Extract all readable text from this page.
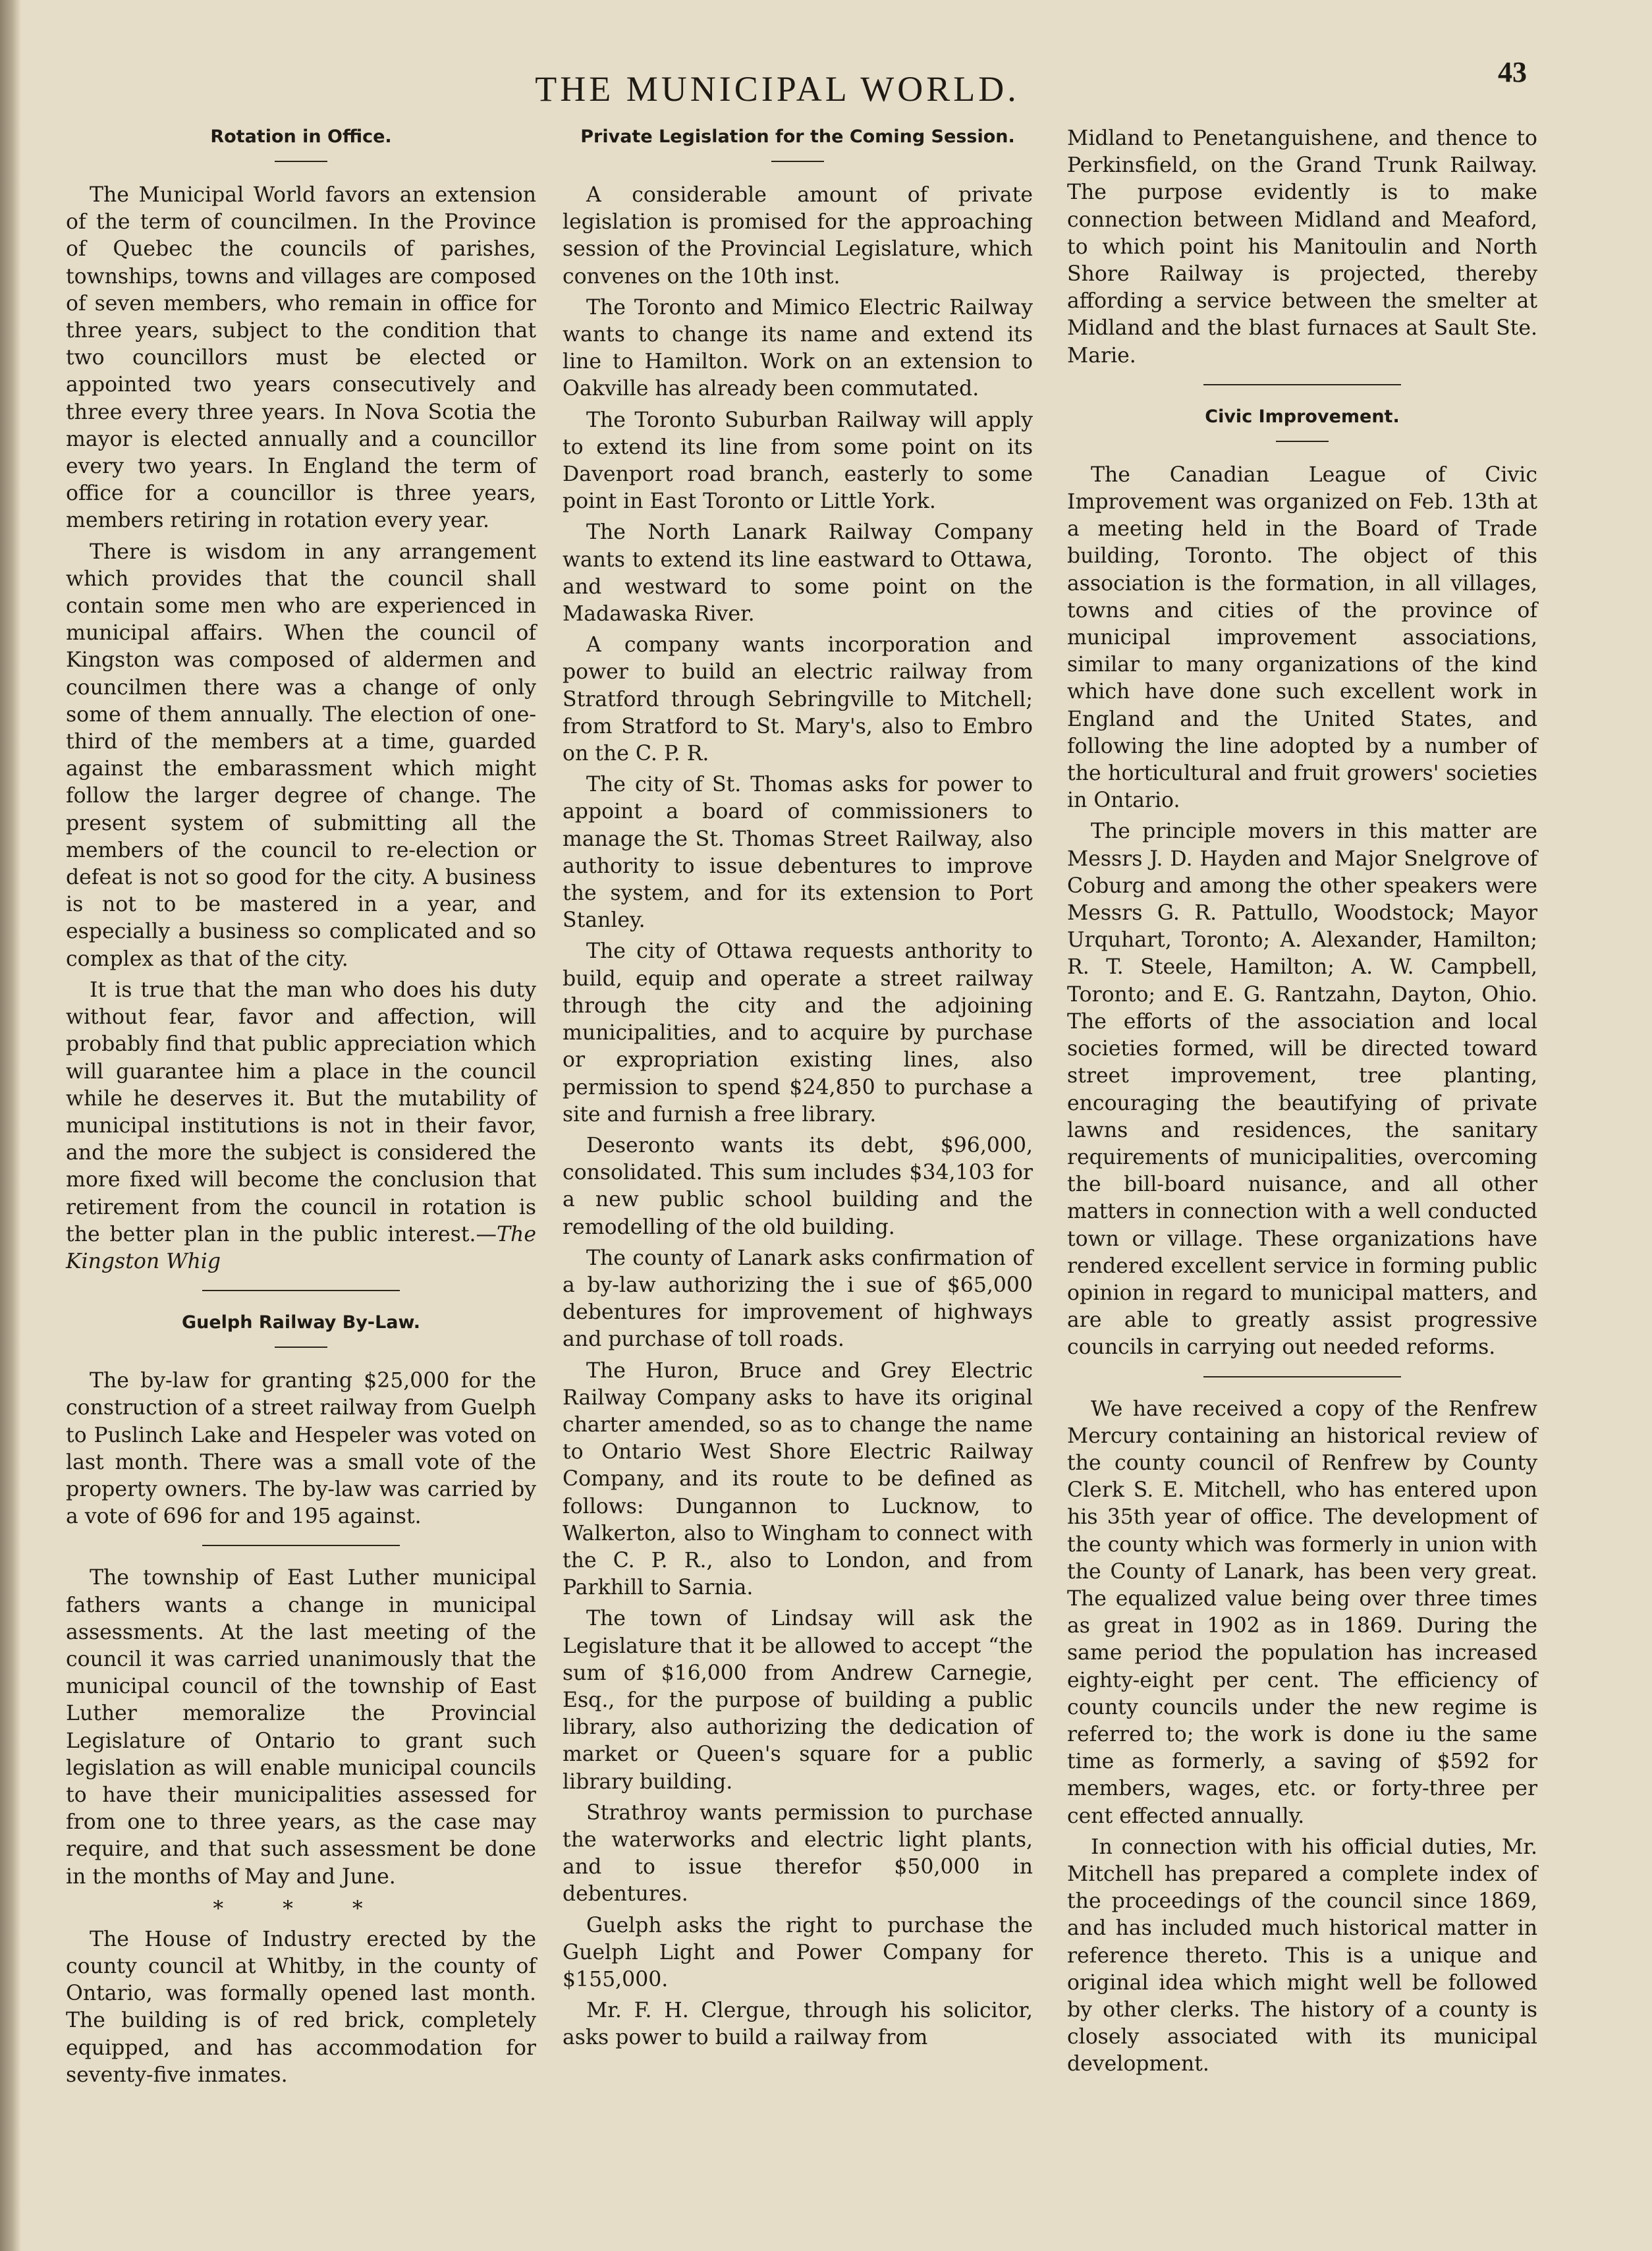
THE MUNICIPAL WORLD.	43
Rotation in Office.

The Municipal World favors an extension of the term of councilmen. In the Province of Quebec the councils of parishes, townships, towns and villages are composed of seven members, who remain in office for three years, subject to the condition that two councillors must be elected or appointed two years consecutively and three every three years. In Nova Scotia the mayor is elected annually and a councillor every two years. In England the term of office for a councillor is three years, members retiring in rotation every year.

There is wisdom in any arrangement which provides that the council shall contain some men who are experienced in municipal affairs. When the council of Kingston was composed of aldermen and councilmen there was a change of only some of them annually. The election of one-third of the members at a time, guarded against the embarassment which might follow the larger degree of change. The present system of submitting all the members of the council to re-election or defeat is not so good for the city. A business is not to be mastered in a year, and especially a business so complicated and so complex as that of the city.

It is true that the man who does his duty without fear, favor and affection, will probably find that public appreciation which will guarantee him a place in the council while he deserves it. But the mutability of municipal institutions is not in their favor, and the more the subject is considered the more fixed will become the conclusion that retirement from the council in rotation is the better plan in the public interest.—The Kingston Whig

Guelph Railway By-Law.

The by-law for granting $25,000 for the construction of a street railway from Guelph to Puslinch Lake and Hespeler was voted on last month. There was a small vote of the property owners. The by-law was carried by a vote of 696 for and 195 against.

The township of East Luther municipal fathers wants a change in municipal assessments. At the last meeting of the council it was carried unanimously that the municipal council of the township of East Luther memoralize the Provincial Legislature of Ontario to grant such legislation as will enable municipal councils to have their municipalities assessed for from one to three years, as the case may require, and that such assessment be done in the months of May and June.

* * *

The House of Industry erected by the county council at Whitby, in the county of Ontario, was formally opened last month. The building is of red brick, completely equipped, and has accommodation for seventy-five inmates.

Private Legislation for the Coming Session.

A considerable amount of private legislation is promised for the approaching session of the Provincial Legislature, which convenes on the 10th inst.

The Toronto and Mimico Electric Railway wants to change its name and extend its line to Hamilton. Work on an extension to Oakville has already been commutated.

The Toronto Suburban Railway will apply to extend its line from some point on its Davenport road branch, easterly to some point in East Toronto or Little York.

The North Lanark Railway Company wants to extend its line eastward to Ottawa, and westward to some point on the Madawaska River.

A company wants incorporation and power to build an electric railway from Stratford through Sebringville to Mitchell; from Stratford to St. Mary's, also to Embro on the C. P. R.

The city of St. Thomas asks for power to appoint a board of commissioners to manage the St. Thomas Street Railway, also authority to issue debentures to improve the system, and for its extension to Port Stanley.

The city of Ottawa requests anthority to build, equip and operate a street railway through the city and the adjoining municipalities, and to acquire by purchase or expropriation existing lines, also permission to spend $24,850 to purchase a site and furnish a free library.

Deseronto wants its debt, $96,000, consolidated. This sum includes $34,103 for a new public school building and the remodelling of the old building.

The county of Lanark asks confirmation of a by-law authorizing the i sue of $65,000 debentures for improvement of highways and purchase of toll roads.

The Huron, Bruce and Grey Electric Railway Company asks to have its original charter amended, so as to change the name to Ontario West Shore Electric Railway Company, and its route to be defined as follows: Dungannon to Lucknow, to Walkerton, also to Wingham to connect with the C. P. R., also to London, and from Parkhill to Sarnia.

The town of Lindsay will ask the Legislature that it be allowed to accept “the sum of $16,000 from Andrew Carnegie, Esq., for the purpose of building a public library, also authorizing the dedication of market or Queen's square for a public library building.

Strathroy wants permission to purchase the waterworks and electric light plants, and to issue therefor $50,000 in debentures.

Guelph asks the right to purchase the Guelph Light and Power Company for $155,000.

Mr. F. H. Clergue, through his solicitor, asks power to build a railway from

Midland to Penetanguishene, and thence to Perkinsfield, on the Grand Trunk Railway. The purpose evidently is to make connection between Midland and Meaford, to which point his Manitoulin and North Shore Railway is projected, thereby affording a service between the smelter at Midland and the blast furnaces at Sault Ste. Marie.

Civic Improvement.

The Canadian League of Civic Improvement was organized on Feb. 13th at a meeting held in the Board of Trade building, Toronto. The object of this association is the formation, in all villages, towns and cities of the province of municipal improvement associations, similar to many organizations of the kind which have done such excellent work in England and the United States, and following the line adopted by a number of the horticultural and fruit growers' societies in Ontario.

The principle movers in this matter are Messrs J. D. Hayden and Major Snelgrove of Coburg and among the other speakers were Messrs G. R. Pattullo, Woodstock; Mayor Urquhart, Toronto; A. Alexander, Hamilton; R. T. Steele, Hamilton; A. W. Campbell, Toronto; and E. G. Rantzahn, Dayton, Ohio. The efforts of the association and local societies formed, will be directed toward street improvement, tree planting, encouraging the beautifying of private lawns and residences, the sanitary requirements of municipalities, overcoming the bill-board nuisance, and all other matters in connection with a well conducted town or village. These organizations have rendered excellent service in forming public opinion in regard to municipal matters, and are able to greatly assist progressive councils in carrying out needed reforms.

We have received a copy of the Renfrew Mercury containing an historical review of the county council of Renfrew by County Clerk S. E. Mitchell, who has entered upon his 35th year of office. The development of the county which was formerly in union with the County of Lanark, has been very great. The equalized value being over three times as great in 1902 as in 1869. During the same period the population has increased eighty-eight per cent. The efficiency of county councils under the new regime is referred to; the work is done iu the same time as formerly, a saving of $592 for members, wages, etc. or forty-three per cent effected annually.

In connection with his official duties, Mr. Mitchell has prepared a complete index of the proceedings of the council since 1869, and has included much historical matter in reference thereto. This is a unique and original idea which might well be followed by other clerks. The history of a county is closely associated with its municipal development.
